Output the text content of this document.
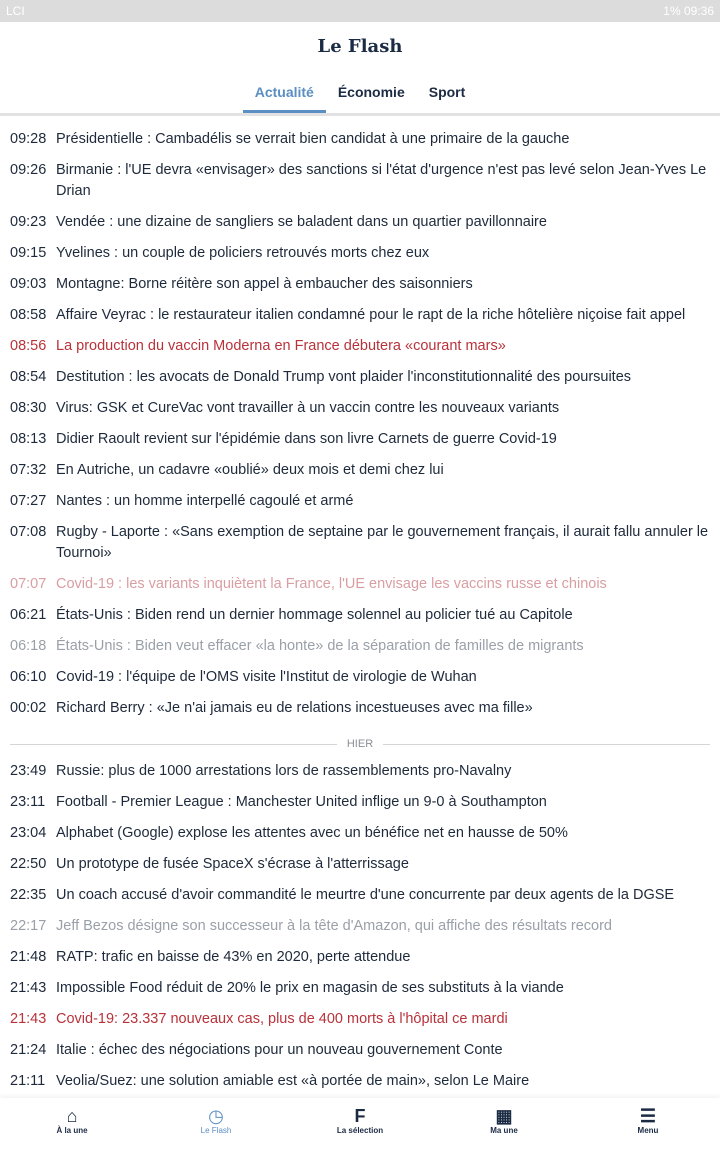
LCI	1% 09:36
Le Flash
Actualité	Économie	Sport
09:28 Présidentielle : Cambadélis se verrait bien candidat à une primaire de la gauche
09:26 Birmanie : l'UE devra «envisager» des sanctions si l'état d'urgence n'est pas levé selon Jean-Yves Le Drian
09:23 Vendée : une dizaine de sangliers se baladent dans un quartier pavillonnaire
09:15 Yvelines : un couple de policiers retrouvés morts chez eux
09:03 Montagne: Borne réitère son appel à embaucher des saisonniers
08:58 Affaire Veyrac : le restaurateur italien condamné pour le rapt de la riche hôtelière niçoise fait appel
08:56 La production du vaccin Moderna en France débutera «courant mars»
08:54 Destitution : les avocats de Donald Trump vont plaider l'inconstitutionnalité des poursuites
08:30 Virus: GSK et CureVac vont travailler à un vaccin contre les nouveaux variants
08:13 Didier Raoult revient sur l'épidémie dans son livre Carnets de guerre Covid-19
07:32 En Autriche, un cadavre «oublié» deux mois et demi chez lui
07:27 Nantes : un homme interpellé cagoulé et armé
07:08 Rugby - Laporte : «Sans exemption de septaine par le gouvernement français, il aurait fallu annuler le Tournoi»
07:07 Covid-19 : les variants inquiètent la France, l'UE envisage les vaccins russe et chinois
06:21 États-Unis : Biden rend un dernier hommage solennel au policier tué au Capitole
06:18 États-Unis : Biden veut effacer «la honte» de la séparation de familles de migrants
06:10 Covid-19 : l'équipe de l'OMS visite l'Institut de virologie de Wuhan
00:02 Richard Berry : «Je n'ai jamais eu de relations incestueuses avec ma fille»
HIER
23:49 Russie: plus de 1000 arrestations lors de rassemblements pro-Navalny
23:11 Football - Premier League : Manchester United inflige un 9-0 à Southampton
23:04 Alphabet (Google) explose les attentes avec un bénéfice net en hausse de 50%
22:50 Un prototype de fusée SpaceX s'écrase à l'atterrissage
22:35 Un coach accusé d'avoir commandité le meurtre d'une concurrente par deux agents de la DGSE
22:17 Jeff Bezos désigne son successeur à la tête d'Amazon, qui affiche des résultats record
21:48 RATP: trafic en baisse de 43% en 2020, perte attendue
21:43 Impossible Food réduit de 20% le prix en magasin de ses substituts à la viande
21:43 Covid-19: 23.337 nouveaux cas, plus de 400 morts à l'hôpital ce mardi
21:24 Italie : échec des négociations pour un nouveau gouvernement Conte
21:11 Veolia/Suez: une solution amiable est «à portée de main», selon Le Maire
⌂
À la une
◷
Le Flash
F
La sélection
▦
Ma une
☰
Menu
